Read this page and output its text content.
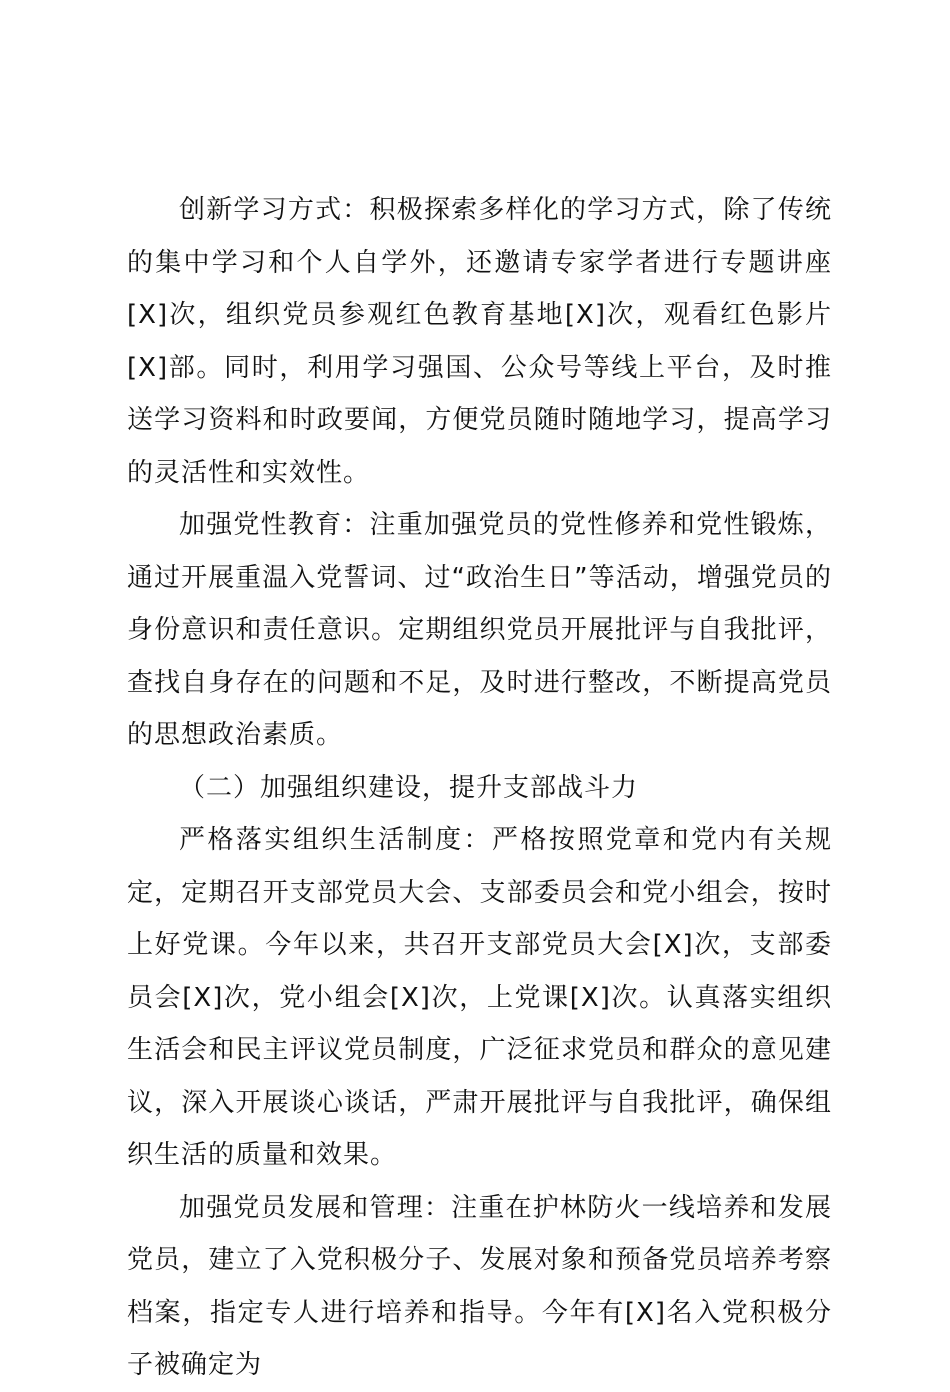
创新学习方式：积极探索多样化的学习方式，除了传统的集中学习和个人自学外，还邀请专家学者进行专题讲座[X]次，组织党员参观红色教育基地[X]次，观看红色影片[X]部。同时，利用学习强国、公众号等线上平台，及时推送学习资料和时政要闻，方便党员随时随地学习，提高学习的灵活性和实效性。

加强党性教育：注重加强党员的党性修养和党性锻炼，通过开展重温入党誓词、过“政治生日”等活动，增强党员的身份意识和责任意识。定期组织党员开展批评与自我批评，查找自身存在的问题和不足，及时进行整改，不断提高党员的思想政治素质。

（二）加强组织建设，提升支部战斗力

严格落实组织生活制度：严格按照党章和党内有关规定，定期召开支部党员大会、支部委员会和党小组会，按时上好党课。今年以来，共召开支部党员大会[X]次，支部委员会[X]次，党小组会[X]次，上党课[X]次。认真落实组织生活会和民主评议党员制度，广泛征求党员和群众的意见建议，深入开展谈心谈话，严肃开展批评与自我批评，确保组织生活的质量和效果。

加强党员发展和管理：注重在护林防火一线培养和发展党员，建立了入党积极分子、发展对象和预备党员培养考察档案，指定专人进行培养和指导。今年有[X]名入党积极分子被确定为
